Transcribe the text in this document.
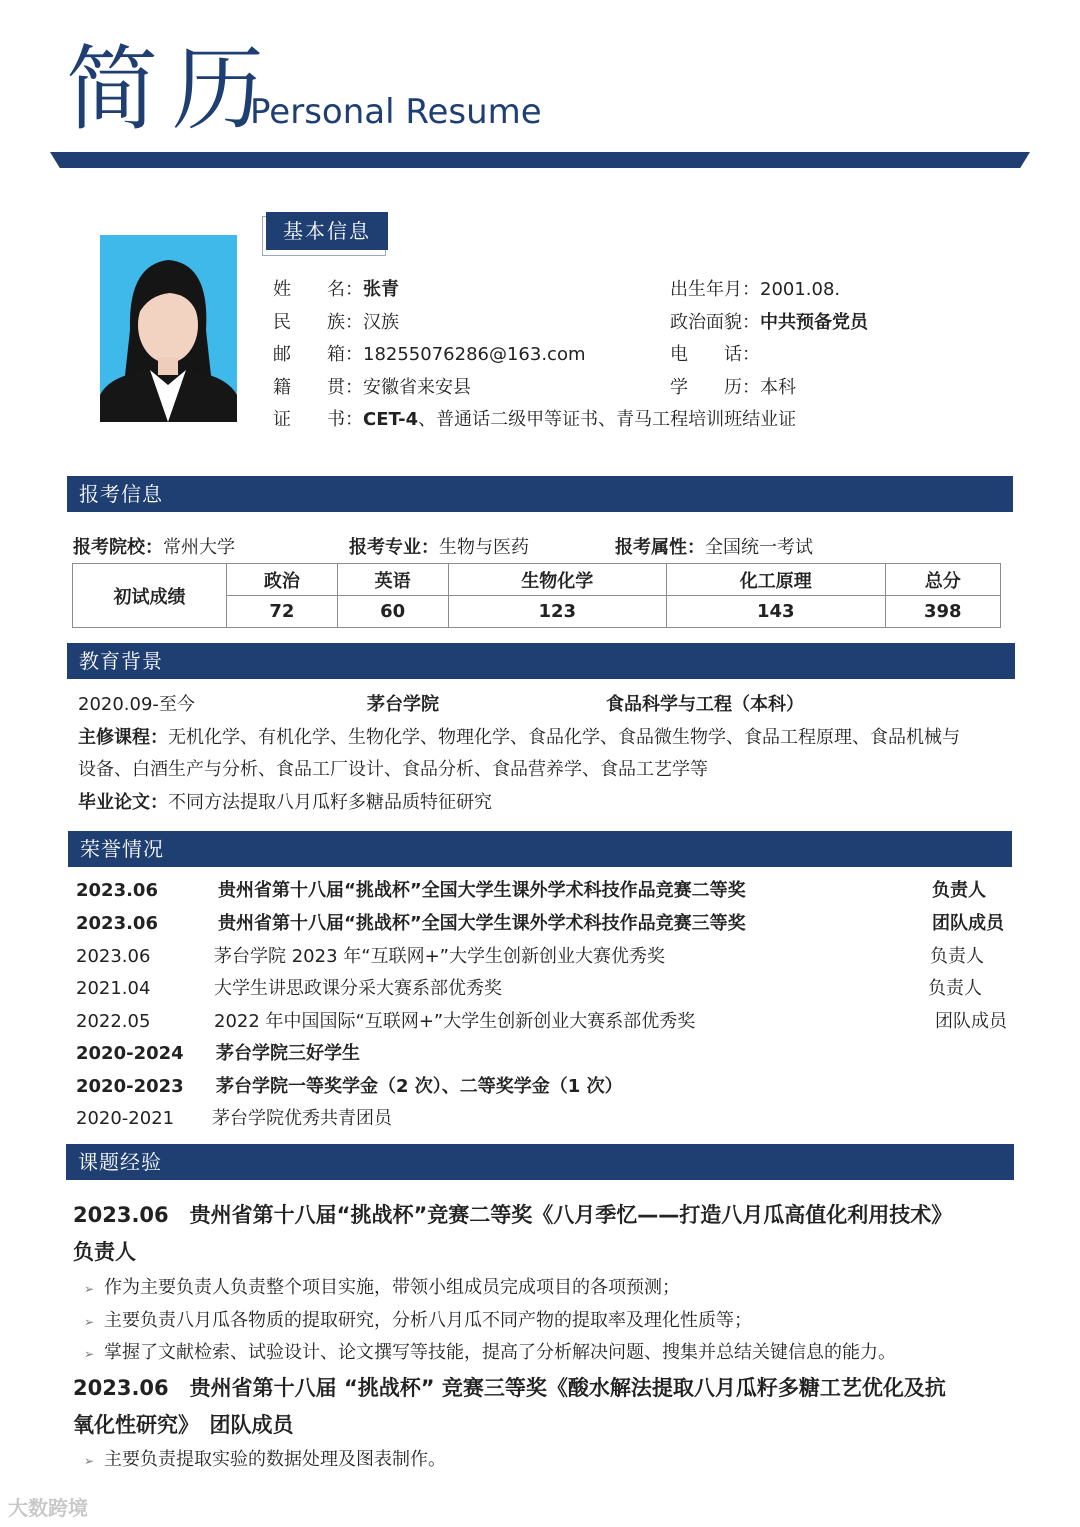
简历
Personal Resume
基本信息
姓　　名：张青	出生年月：2001.08.
民　　族：汉族	政治面貌：中共预备党员
邮　　箱：18255076286@163.com	电　　话：
籍　　贯：安徽省来安县	学　　历：本科
证　　书：CET-4、普通话二级甲等证书、青马工程培训班结业证
报考信息
报考院校：常州大学	报考专业：生物与医药	报考属性：全国统一考试
初试成绩	政治	英语	生物化学	化工原理	总分
	72	60	123	143	398
教育背景
2020.09-至今	茅台学院	食品科学与工程（本科）
主修课程：无机化学、有机化学、生物化学、物理化学、食品化学、食品微生物学、食品工程原理、食品机械与
设备、白酒生产与分析、食品工厂设计、食品分析、食品营养学、食品工艺学等
毕业论文：不同方法提取八月瓜籽多糖品质特征研究
荣誉情况
2023.06	贵州省第十八届“挑战杯”全国大学生课外学术科技作品竞赛二等奖	负责人
2023.06	贵州省第十八届“挑战杯”全国大学生课外学术科技作品竞赛三等奖	团队成员
2023.06	茅台学院 2023 年“互联网+”大学生创新创业大赛优秀奖	负责人
2021.04	大学生讲思政课分采大赛系部优秀奖	负责人
2022.05	2022 年中国国际“互联网+”大学生创新创业大赛系部优秀奖	团队成员
2020-2024 茅台学院三好学生
2020-2023 茅台学院一等奖学金（2 次）、二等奖学金（1 次）
2020-2021 茅台学院优秀共青团员
课题经验
2023.06　贵州省第十八届“挑战杯”竞赛二等奖《八月季忆——打造八月瓜高值化利用技术》
负责人
➢ 作为主要负责人负责整个项目实施，带领小组成员完成项目的各项预测；
➢ 主要负责八月瓜各物质的提取研究，分析八月瓜不同产物的提取率及理化性质等；
➢ 掌握了文献检索、试验设计、论文撰写等技能，提高了分析解决问题、搜集并总结关键信息的能力。
2023.06　贵州省第十八届 “挑战杯” 竞赛三等奖《酸水解法提取八月瓜籽多糖工艺优化及抗
氧化性研究》　团队成员
➢ 主要负责提取实验的数据处理及图表制作。
大数跨境
